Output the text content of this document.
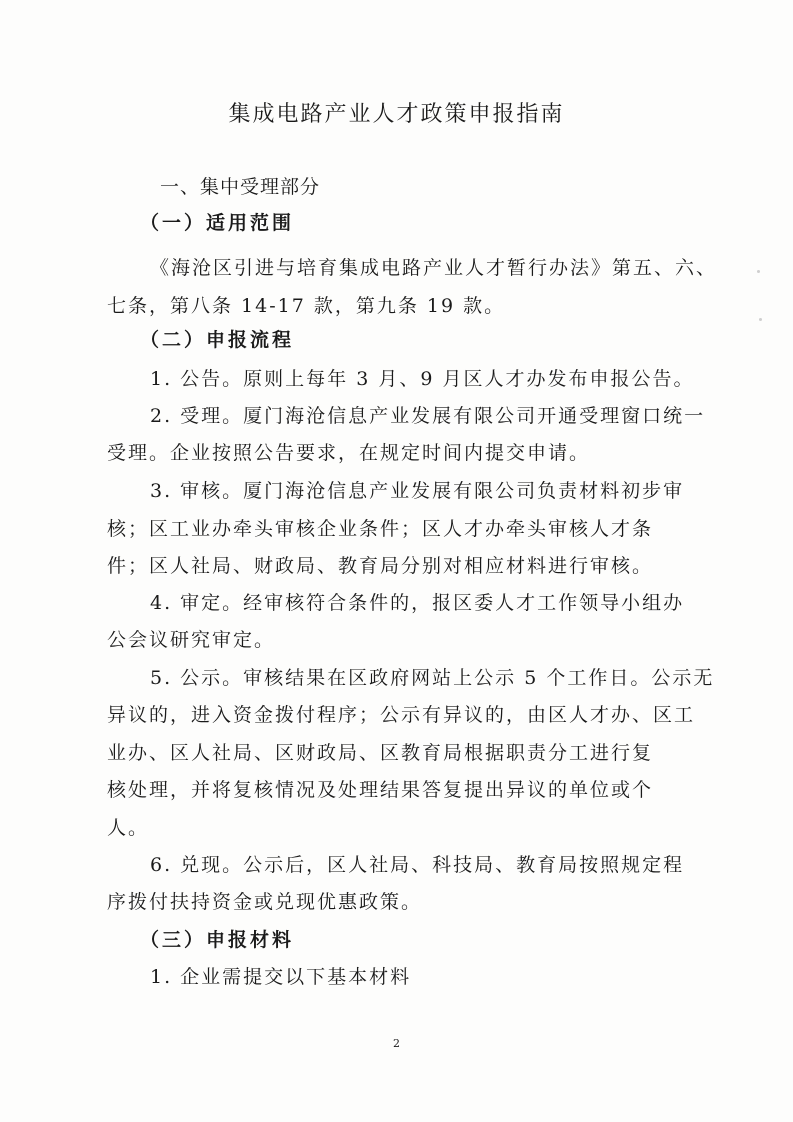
集成电路产业人才政策申报指南
一、集中受理部分
（一）适用范围
《海沧区引进与培育集成电路产业人才暂行办法》第五、六、
七条，第八条 14-17 款，第九条 19 款。
（二）申报流程
1. 公告。原则上每年 3 月、9 月区人才办发布申报公告。
2. 受理。厦门海沧信息产业发展有限公司开通受理窗口统一
受理。企业按照公告要求，在规定时间内提交申请。
3. 审核。厦门海沧信息产业发展有限公司负责材料初步审
核；区工业办牵头审核企业条件；区人才办牵头审核人才条
件；区人社局、财政局、教育局分别对相应材料进行审核。
4. 审定。经审核符合条件的，报区委人才工作领导小组办
公会议研究审定。
5. 公示。审核结果在区政府网站上公示 5 个工作日。公示无
异议的，进入资金拨付程序；公示有异议的，由区人才办、区工
业办、区人社局、区财政局、区教育局根据职责分工进行复
核处理，并将复核情况及处理结果答复提出异议的单位或个
人。
6. 兑现。公示后，区人社局、科技局、教育局按照规定程
序拨付扶持资金或兑现优惠政策。
（三）申报材料
1. 企业需提交以下基本材料
2
